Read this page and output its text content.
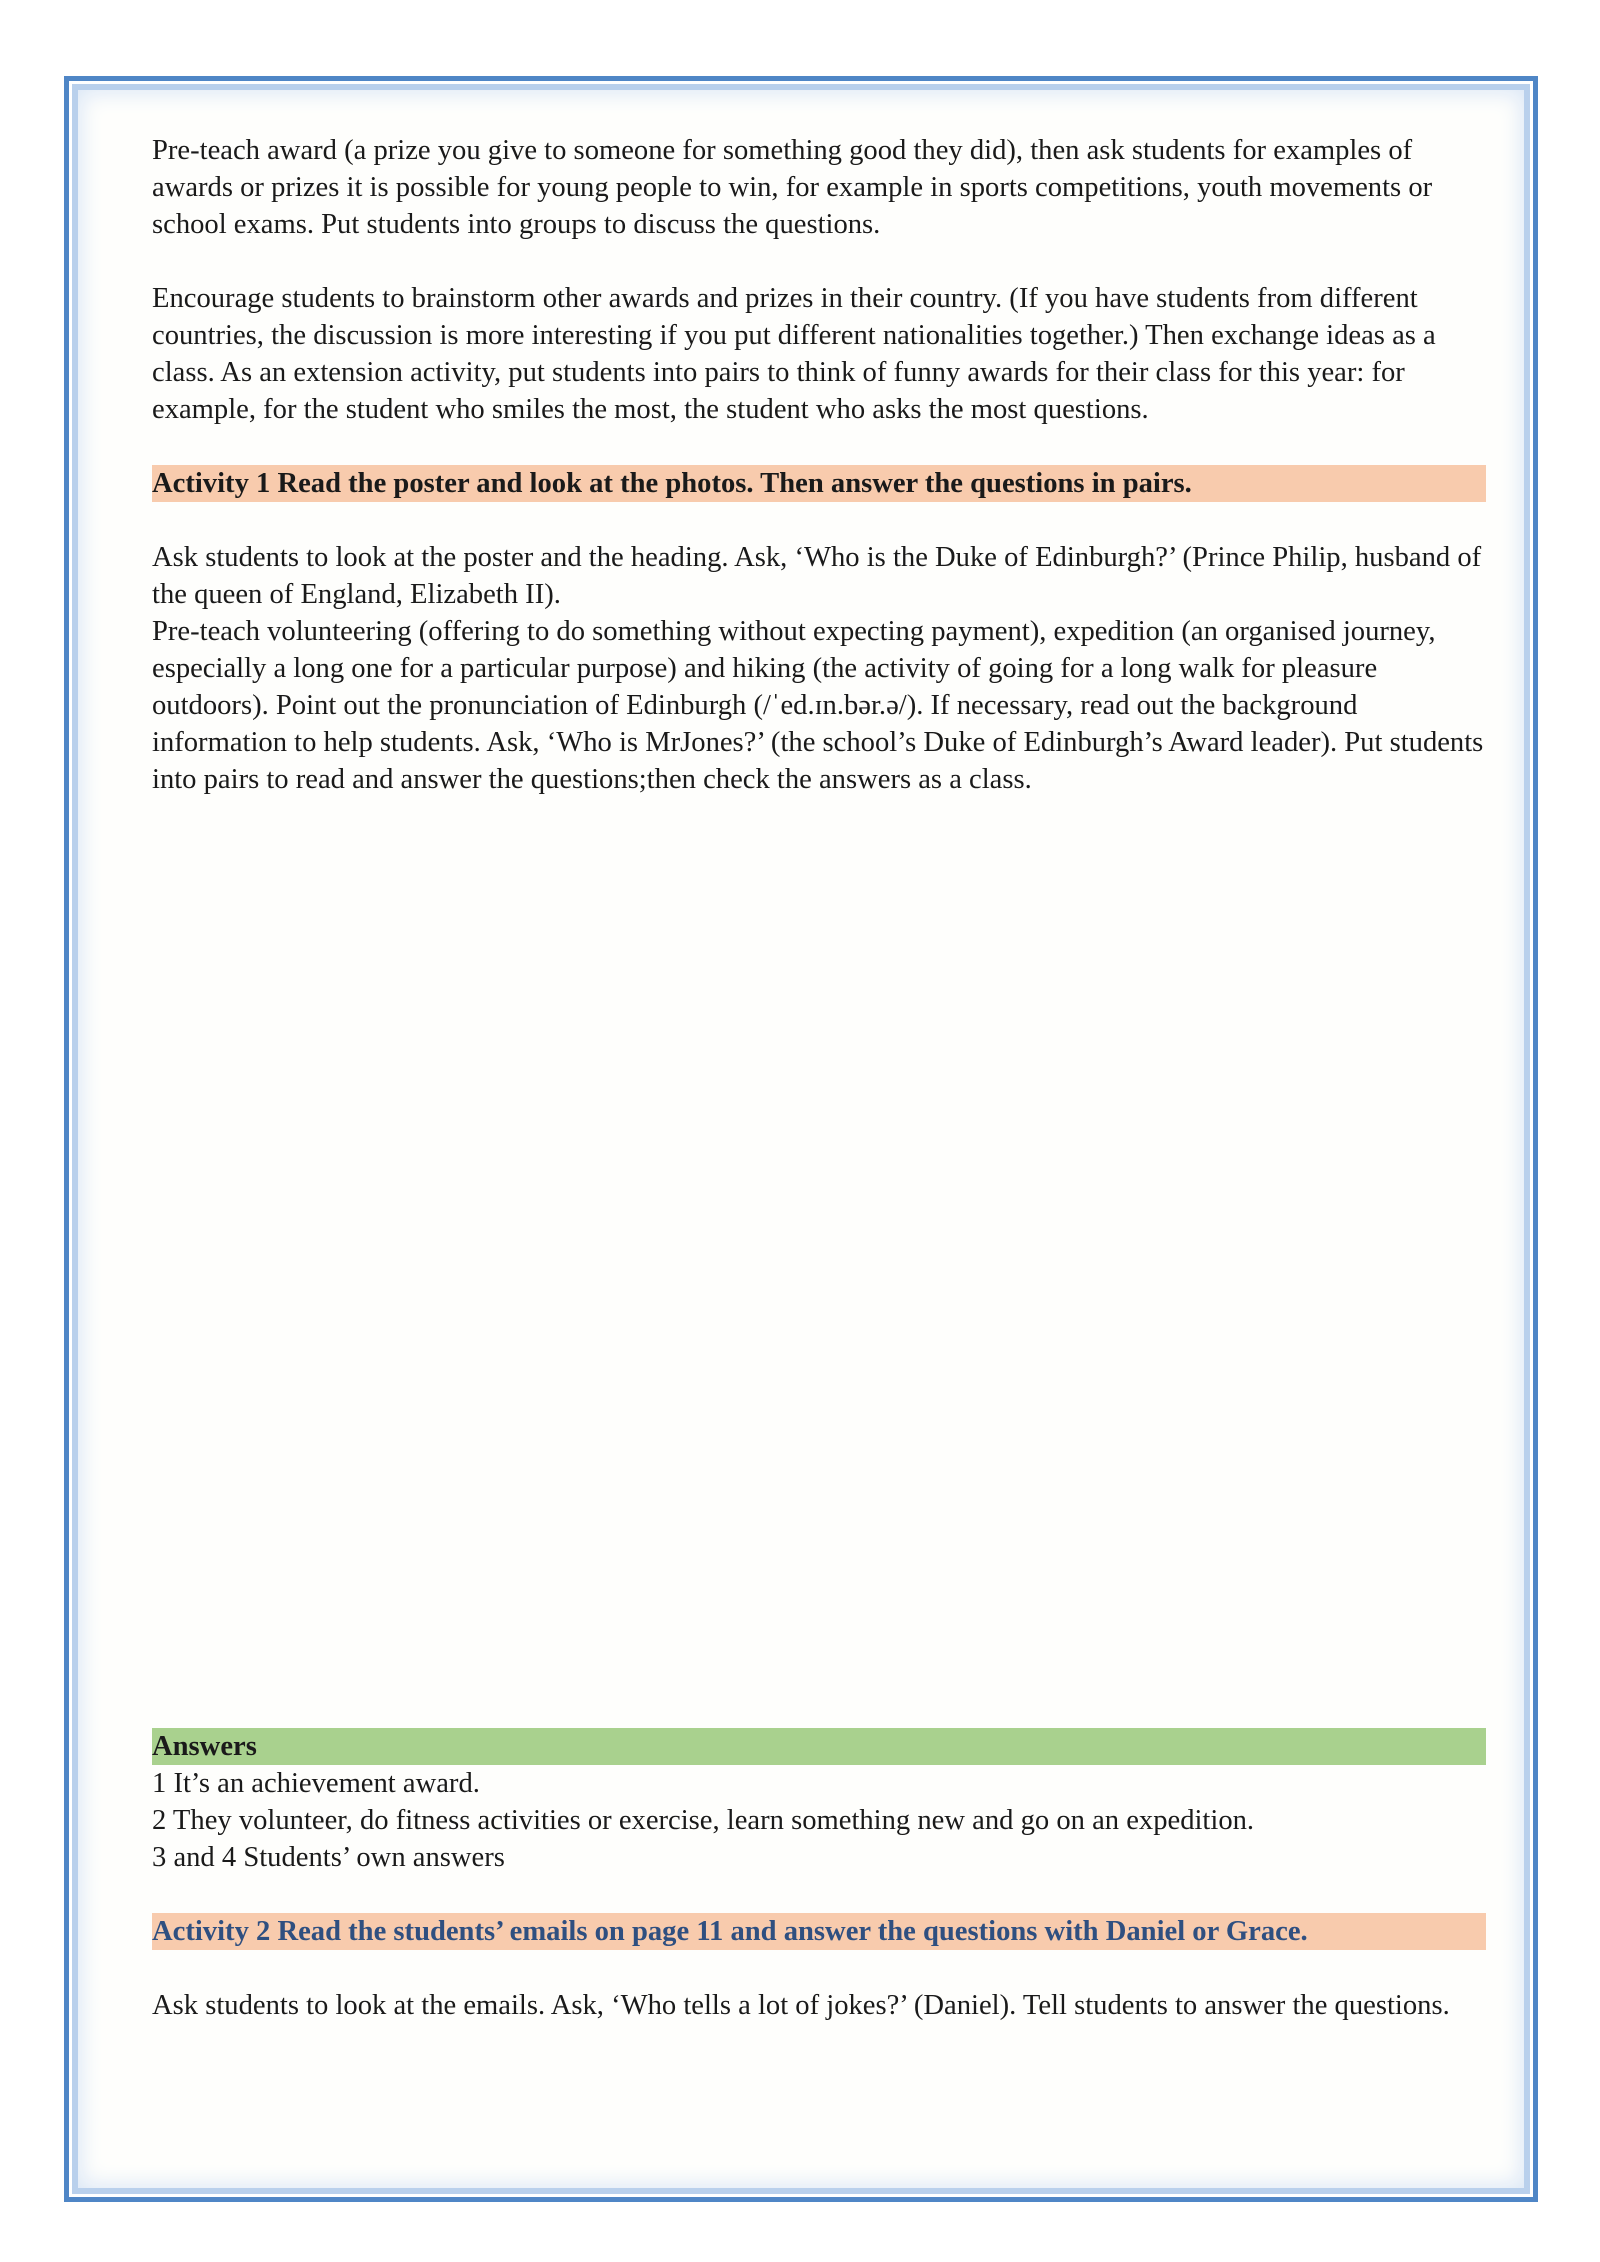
Pre-teach award (a prize you give to someone for something good they did), then ask students for examples of awards or prizes it is possible for young people to win, for example in sports competitions, youth movements or school exams. Put students into groups to discuss the questions.

Encourage students to brainstorm other awards and prizes in their country. (If you have students from different countries, the discussion is more interesting if you put different nationalities together.) Then exchange ideas as a class. As an extension activity, put students into pairs to think of funny awards for their class for this year: for example, for the student who smiles the most, the student who asks the most questions.

Activity 1 Read the poster and look at the photos. Then answer the questions in pairs.

Ask students to look at the poster and the heading. Ask, ‘Who is the Duke of Edinburgh?’ (Prince Philip, husband of the queen of England, Elizabeth II).

Pre-teach volunteering (offering to do something without expecting payment), expedition (an organised journey, especially a long one for a particular purpose) and hiking (the activity of going for a long walk for pleasure outdoors). Point out the pronunciation of Edinburgh (/ˈed.ɪn.bər.ə/). If necessary, read out the background information to help students. Ask, ‘Who is MrJones?’ (the school’s Duke of Edinburgh’s Award leader). Put students into pairs to read and answer the questions;then check the answers as a class.

Answers

1 It’s an achievement award.

2 They volunteer, do fitness activities or exercise, learn something new and go on an expedition.

3 and 4 Students’ own answers

Activity 2 Read the students’ emails on page 11 and answer the questions with Daniel or Grace.

Ask students to look at the emails. Ask, ‘Who tells a lot of jokes?’ (Daniel). Tell students to answer the questions.
